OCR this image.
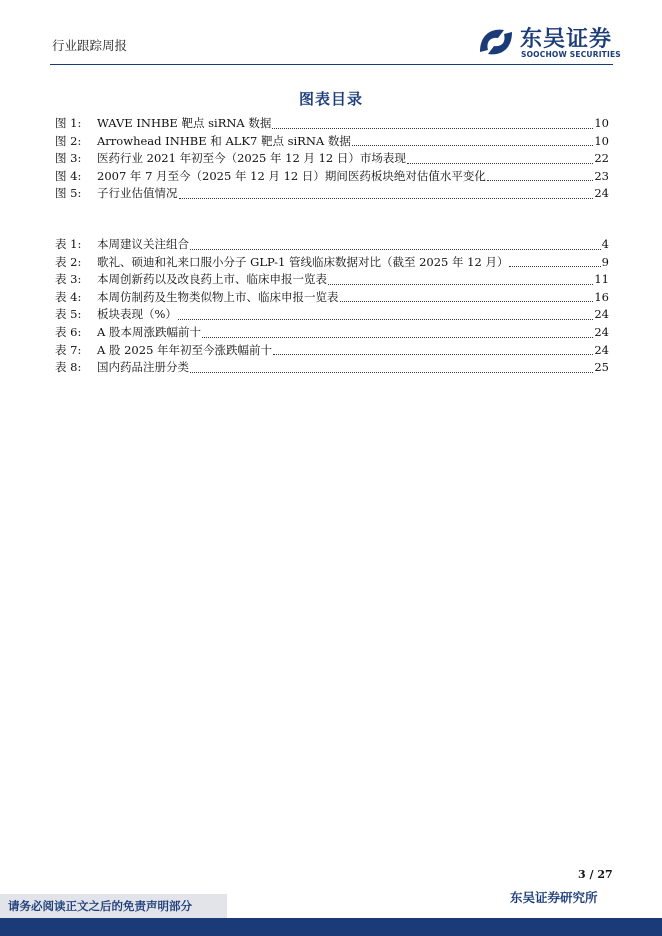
行业跟踪周报	东吴证券
SOOCHOW SECURITIES
图表目录
图 1:	WAVE INHBE 靶点 siRNA 数据	10
图 2:	Arrowhead INHBE 和 ALK7 靶点 siRNA 数据	10
图 3:	医药行业 2021 年初至今（2025 年 12 月 12 日）市场表现	22
图 4:	2007 年 7 月至今（2025 年 12 月 12 日）期间医药板块绝对估值水平变化	23
图 5:	子行业估值情况	24
表 1:	本周建议关注组合	4
表 2:	歌礼、硕迪和礼来口服小分子 GLP-1 管线临床数据对比（截至 2025 年 12 月）	9
表 3:	本周创新药以及改良药上市、临床申报一览表	11
表 4:	本周仿制药及生物类似物上市、临床申报一览表	16
表 5:	板块表现（%）	24
表 6:	A 股本周涨跌幅前十	24
表 7:	A 股 2025 年年初至今涨跌幅前十	24
表 8:	国内药品注册分类	25
3 / 27
请务必阅读正文之后的免责声明部分
东吴证券研究所
